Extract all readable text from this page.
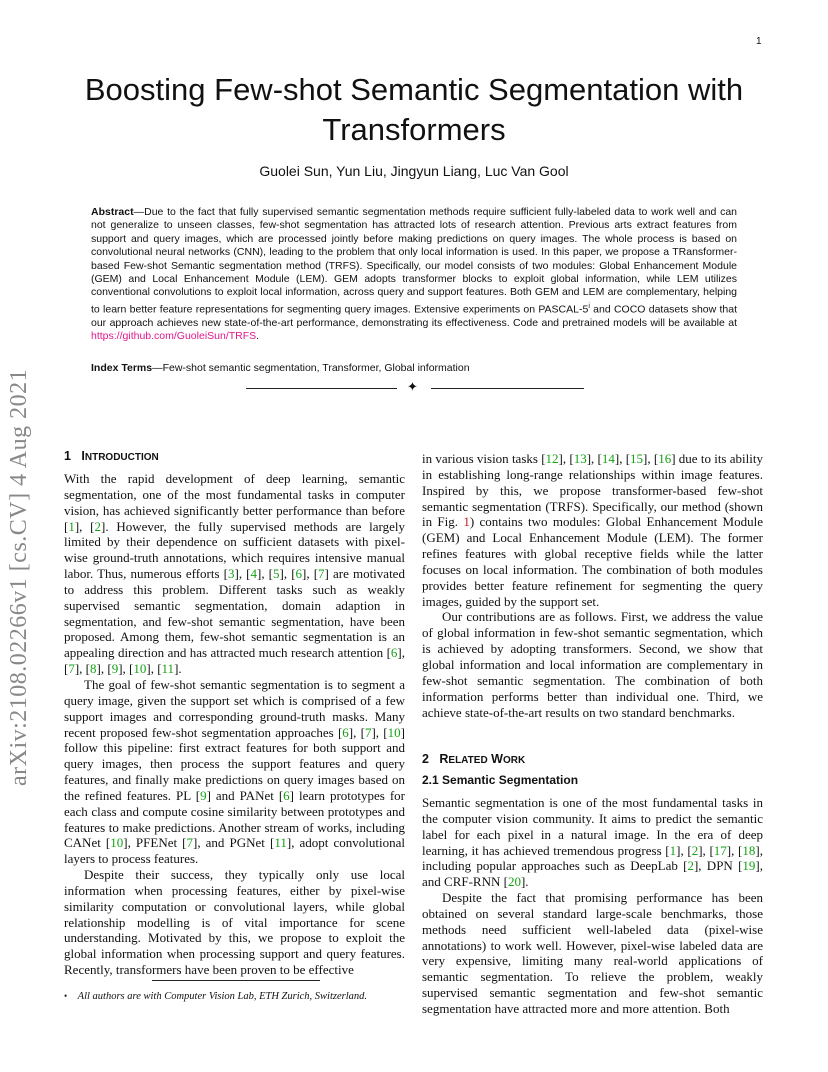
1
Boosting Few-shot Semantic Segmentation with Transformers
Guolei Sun, Yun Liu, Jingyun Liang, Luc Van Gool

Abstract—Due to the fact that fully supervised semantic segmentation methods require sufficient fully-labeled data to work well and can not generalize to unseen classes, few-shot segmentation has attracted lots of research attention. Previous arts extract features from support and query images, which are processed jointly before making predictions on query images. The whole process is based on convolutional neural networks (CNN), leading to the problem that only local information is used. In this paper, we propose a TRansformer-based Few-shot Semantic segmentation method (TRFS). Specifically, our model consists of two modules: Global Enhancement Module (GEM) and Local Enhancement Module (LEM). GEM adopts transformer blocks to exploit global information, while LEM utilizes conventional convolutions to exploit local information, across query and support features. Both GEM and LEM are complementary, helping to learn better feature representations for segmenting query images. Extensive experiments on PASCAL-5$^i$ and COCO datasets show that our approach achieves new state-of-the-art performance, demonstrating its effectiveness. Code and pretrained models will be available at https://github.com/GuoleiSun/TRFS.

Index Terms—Few-shot semantic segmentation, Transformer, Global information

✦
arXiv:2108.02266v1 [cs.CV] 4 Aug 2021	1 INTRODUCTION

With the rapid development of deep learning, semantic segmentation, one of the most fundamental tasks in computer vision, has achieved significantly better performance than before [1], [2]. However, the fully supervised methods are largely limited by their dependence on sufficient datasets with pixel-wise ground-truth annotations, which requires intensive manual labor. Thus, numerous efforts [3], [4], [5], [6], [7] are motivated to address this problem. Different tasks such as weakly supervised semantic segmentation, domain adaption in segmentation, and few-shot semantic segmentation, have been proposed. Among them, few-shot semantic segmentation is an appealing direction and has attracted much research attention [6], [7], [8], [9], [10], [11].

The goal of few-shot semantic segmentation is to segment a query image, given the support set which is comprised of a few support images and corresponding ground-truth masks. Many recent proposed few-shot segmentation approaches [6], [7], [10] follow this pipeline: first extract features for both support and query images, then process the support features and query features, and finally make predictions on query images based on the refined features. PL [9] and PANet [6] learn prototypes for each class and compute cosine similarity between prototypes and features to make predictions. Another stream of works, including CANet [10], PFENet [7], and PGNet [11], adopt convolutional layers to process features.

Despite their success, they typically only use local information when processing features, either by pixel-wise similarity computation or convolutional layers, while global relationship modelling is of vital importance for scene understanding. Motivated by this, we propose to exploit the global information when processing support and query features. Recently, transformers have been proven to be effective

in various vision tasks [12], [13], [14], [15], [16] due to its ability in establishing long-range relationships within image features. Inspired by this, we propose transformer-based few-shot semantic segmentation (TRFS). Specifically, our method (shown in Fig. 1) contains two modules: Global Enhancement Module (GEM) and Local Enhancement Module (LEM). The former refines features with global receptive fields while the latter focuses on local information. The combination of both modules provides better feature refinement for segmenting the query images, guided by the support set.

Our contributions are as follows. First, we address the value of global information in few-shot semantic segmentation, which is achieved by adopting transformers. Second, we show that global information and local information are complementary in few-shot semantic segmentation. The combination of both information performs better than individual one. Third, we achieve state-of-the-art results on two standard benchmarks.

2 RELATED WORK
2.1 Semantic Segmentation

Semantic segmentation is one of the most fundamental tasks in the computer vision community. It aims to predict the semantic label for each pixel in a natural image. In the era of deep learning, it has achieved tremendous progress [1], [2], [17], [18], including popular approaches such as DeepLab [2], DPN [19], and CRF-RNN [20].

Despite the fact that promising performance has been obtained on several standard large-scale benchmarks, those methods need sufficient well-labeled data (pixel-wise annotations) to work well. However, pixel-wise labeled data are very expensive, limiting many real-world applications of semantic segmentation. To relieve the problem, weakly supervised semantic segmentation and few-shot semantic segmentation have attracted more and more attention. Both

• All authors are with Computer Vision Lab, ETH Zurich, Switzerland.
